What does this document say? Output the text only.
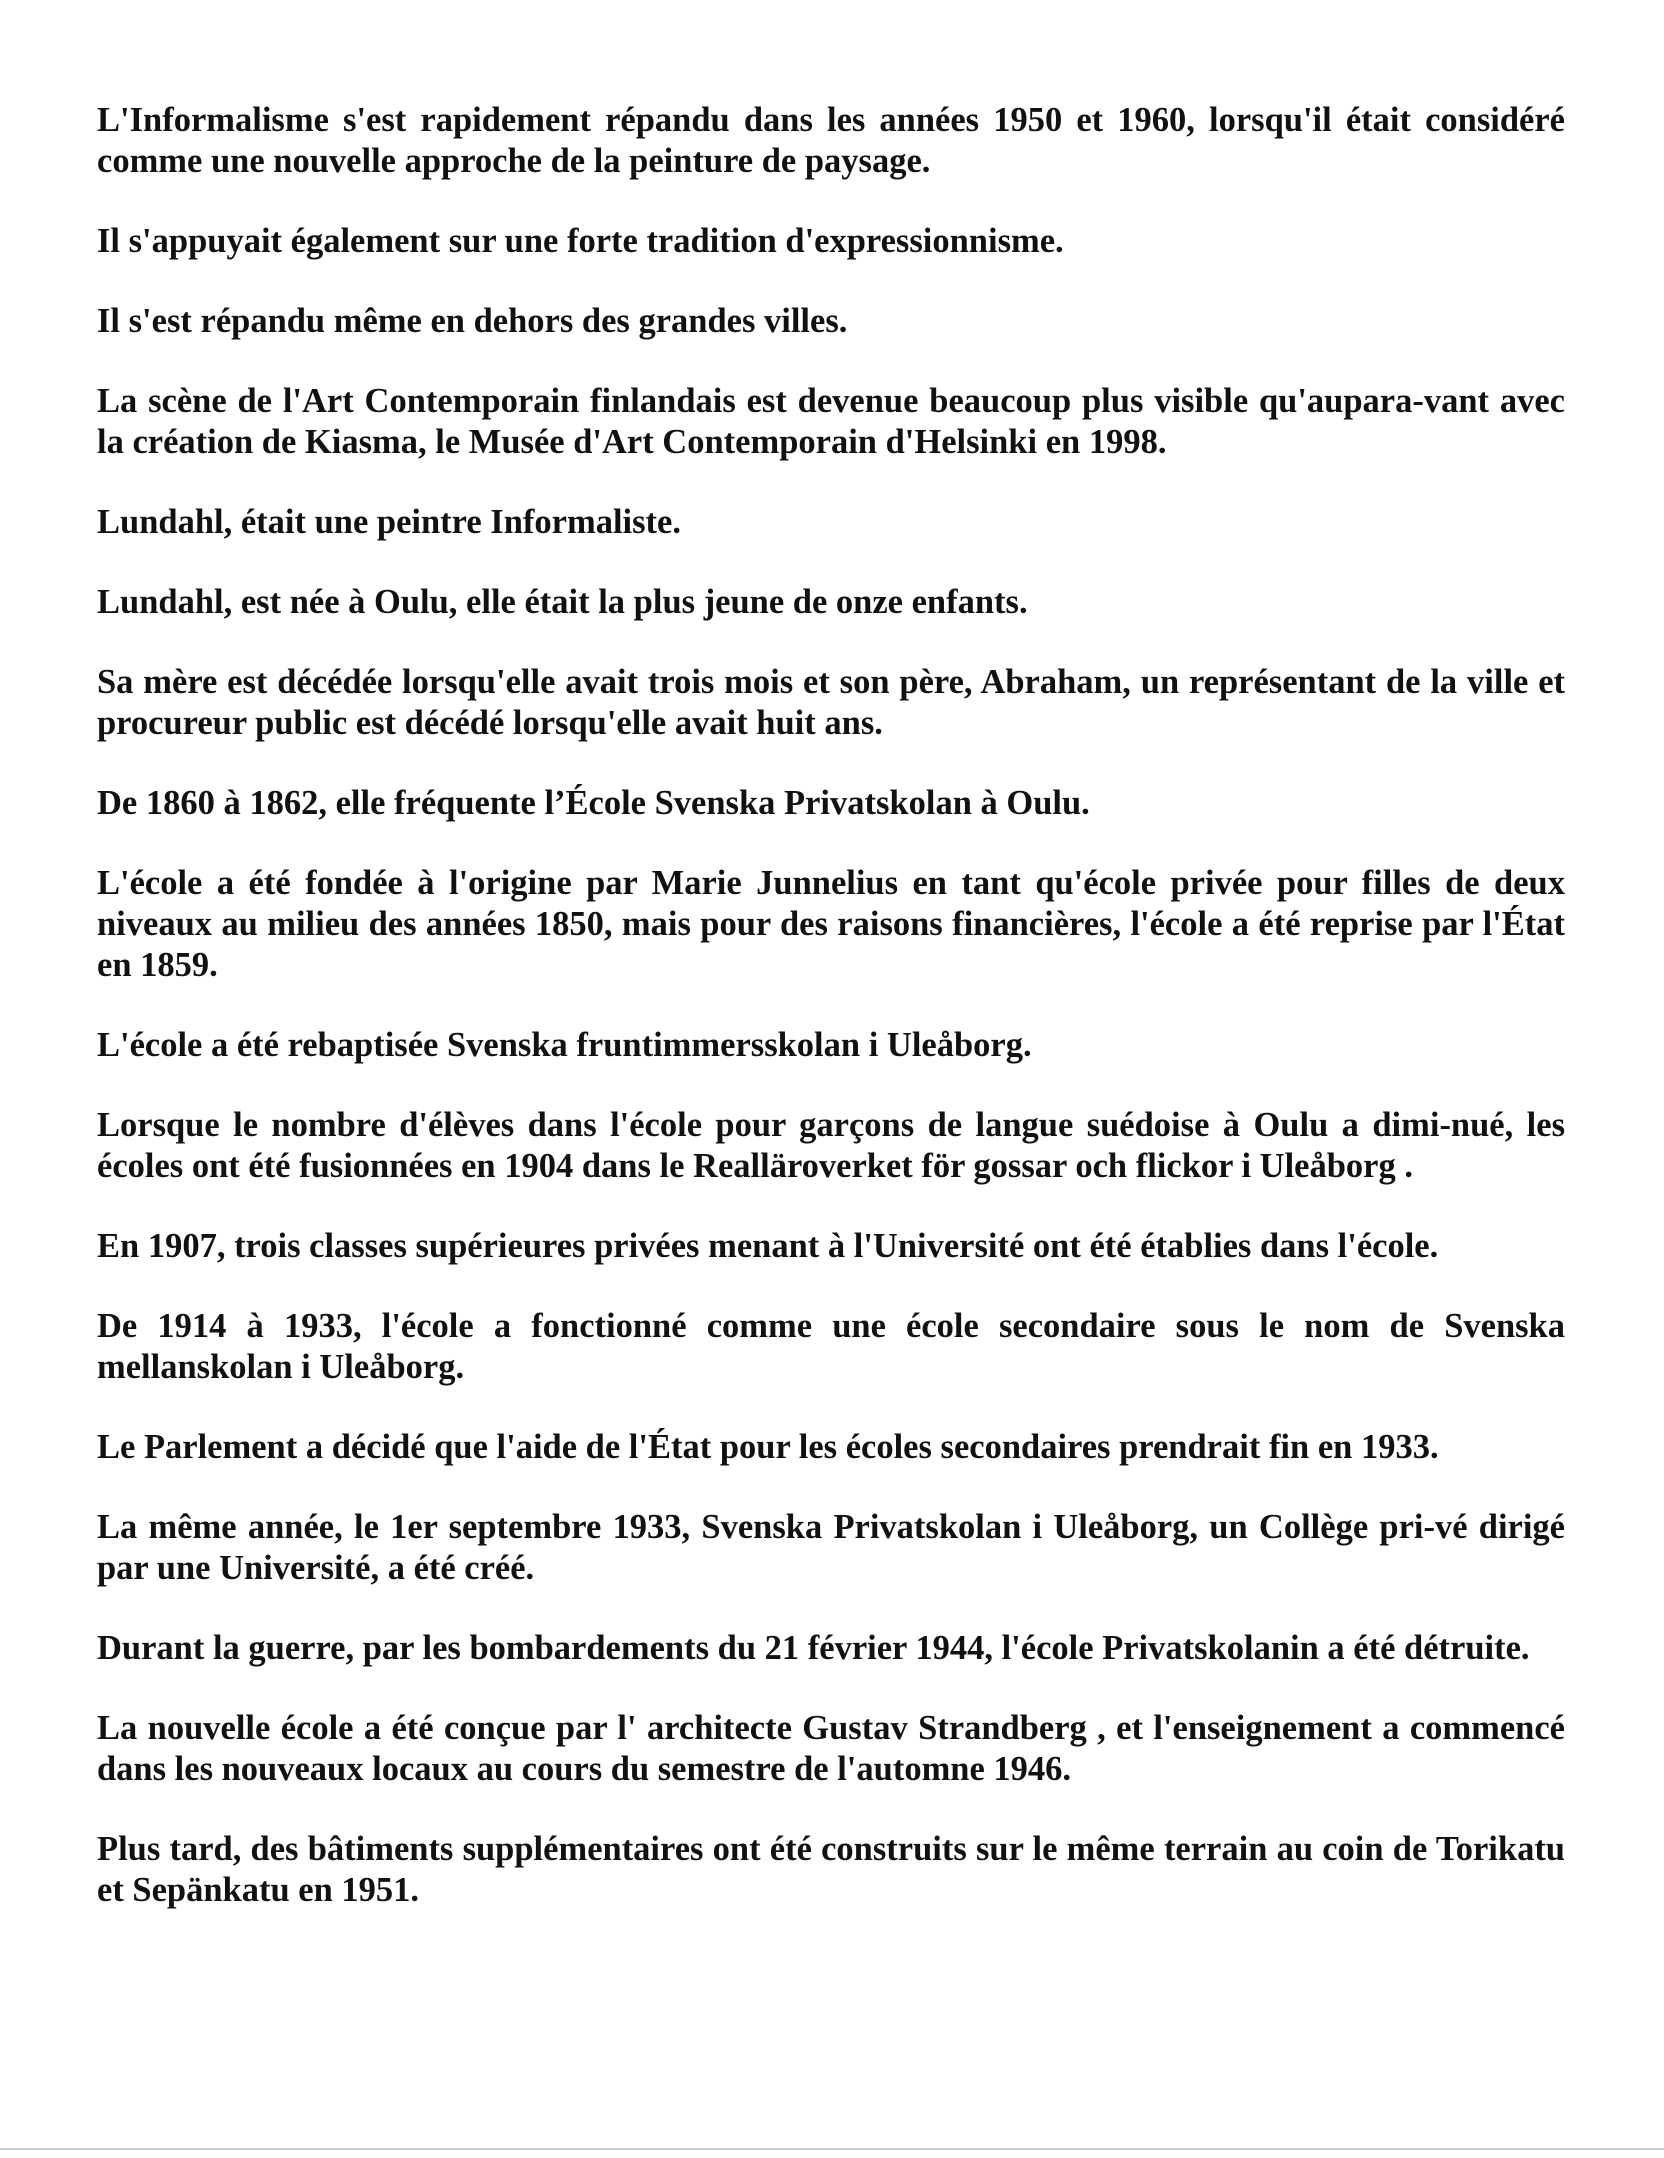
L'Informalisme s'est rapidement répandu dans les années 1950 et 1960, lorsqu'il était considéré comme une nouvelle approche de la peinture de paysage.

Il s'appuyait également sur une forte tradition d'expressionnisme.

Il s'est répandu même en dehors des grandes villes.

La scène de l'Art Contemporain finlandais est devenue beaucoup plus visible qu'aupara-vant avec la création de Kiasma, le Musée d'Art Contemporain d'Helsinki en 1998.

Lundahl, était une peintre Informaliste.

Lundahl, est née à Oulu, elle était la plus jeune de onze enfants.

Sa mère est décédée lorsqu'elle avait trois mois et son père, Abraham, un représentant de la ville et procureur public est décédé lorsqu'elle avait huit ans.

De 1860 à 1862, elle fréquente l’École Svenska Privatskolan à Oulu.

L'école a été fondée à l'origine par Marie Junnelius en tant qu'école privée pour filles de deux niveaux au milieu des années 1850, mais pour des raisons financières, l'école a été reprise par l'État en 1859.

L'école a été rebaptisée Svenska fruntimmersskolan i Uleåborg.

Lorsque le nombre d'élèves dans l'école pour garçons de langue suédoise à Oulu a dimi-nué, les écoles ont été fusionnées en 1904 dans le Realläroverket för gossar och flickor i Uleåborg .

En 1907, trois classes supérieures privées menant à l'Université ont été établies dans l'école.

De 1914 à 1933, l'école a fonctionné comme une école secondaire sous le nom de Svenska mellanskolan i Uleåborg.

Le Parlement a décidé que l'aide de l'État pour les écoles secondaires prendrait fin en 1933.

La même année, le 1er septembre 1933, Svenska Privatskolan i Uleåborg, un Collège pri-vé dirigé par une Université, a été créé.

Durant la guerre, par les bombardements du 21 février 1944, l'école Privatskolanin a été détruite.

La nouvelle école a été conçue par l' architecte Gustav Strandberg , et l'enseignement a commencé dans les nouveaux locaux au cours du semestre de l'automne 1946.

Plus tard, des bâtiments supplémentaires ont été construits sur le même terrain au coin de Torikatu et Sepänkatu en 1951.
